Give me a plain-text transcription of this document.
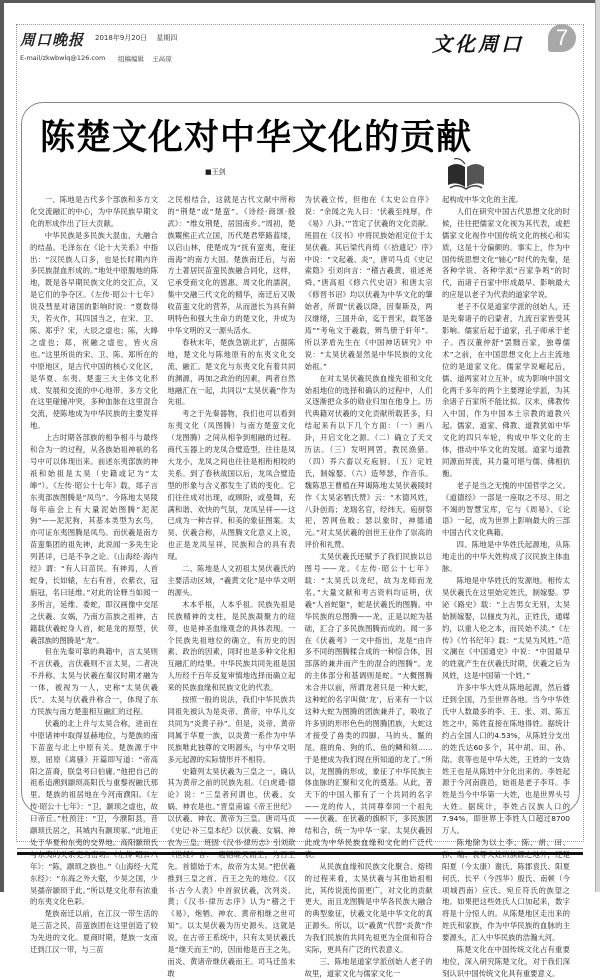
周口晚报 2018年9月20日 星期四
E-mail/zkwbwlq@126.com 组稿编辑 王高琼
文化周口	7
陈楚文化对中华文化的贡献
■王剑

一、陈地是古代多个部族和多方文化交流融汇的中心，为中华民族早期文化的形成作出了巨大贡献。

中华民族是多民族大混血、大融合的结晶。毛泽东在《论十大关系》中指出：“汉民族人口多，也是长时期内许多民族混血形成的。”地处中原腹地的陈地，既是各早期民族文化的交汇点，又是它们的争夺区。《左传·昭公十七年》说及彗星对诸国的影响时说：“夏数得天，若火作，其四国当之，在宋、卫、陈、郑乎？宋，大辰之虚也；陈，大皞之虚也；郑，祝融之虚也，皆火房也。”这里所说的宋、卫、陈、郑所在的中原地区，是古代中国的核心文化区，是华夏、东夷、楚蛮三大主体文化形成、发展和交流的中心地带。多方文化在这里碰撞冲突，多种血脉在这里混合交流，使陈地成为中华民族的主要发祥地。

上古时期各部族的相争相斗与最终和合为一的过程，从各族始祖神祇的名号中可以体现出来。前述东夷部族的神祇和始祖是太昊（史籍或记为“太皞”）。《左传·昭公十七年》载，郯子言东夷部族图腾是“凤鸟”。今陈地太昊陵每年庙会上有大量泥始图腾“泥泥狗”——泥泥狗，其基本类型为玄鸟，亦可证东夷图腾是凤鸟。而伏羲是南方苗蛮集团的祖先神，此说闻一多先生论列甚详，已是不争之论。《山海经·海内经》谓：“有人曰苗民。有神焉，人首蛇身，长如辕，左右有首，衣紫衣，冠旃冠，名曰延维。”对此的诠释当如闻一多所言，延维、委蛇，即汉画像中交尾之伏羲、女娲，乃南方苗族之祖神，古籍载伏羲蛇身人首，蛇是龙的原型，伏羲部族的图腾是“龙”。

但在先秦可靠的典籍中，言太昊则不言伏羲，言伏羲则不言太昊，二者决不并称。太昊与伏羲在秦汉时期才融为一体，被视为一人，史称“太昊伏羲氏”。太昊与伏羲并称合一，体现了东方民族与南方楚蛮相互融汇的过程。

伏羲的北上并与太昊合称，进而在中原诸神中取得显赫地位，与楚族的南下苗蛮与北上中原有关。楚族源于中原，屈原《离骚》开篇即写道：“帝高阳之苗裔，朕皇考曰伯庸。”他把自己的祖系追溯到颛顼高阳氏与重黎祝融氏那里。楚族的祖居地在今河南濮阳。《左传·昭公十七年》：“卫，颛顼之虚也，故曰帝丘。”杜预注：“卫，今濮阳县，昔颛顼氏居之，其城内有颛顼冢。”此地正处于华夏和东夷的交界地。高阳颛顼氏 年》：“陈，颛顼之族也。”《山海经·大荒东经》：“东海之外大壑，少昊之国，少昊孺帝颛顼于此。”所以楚文化带有浓重的东夷文化色彩。

楚族南迁以前，在江汉一带生活的是三苗之民，苗蛮族团在这里创造了较为先进的文化。夏商时期，楚族一支南迁到江汉一带，与三苗

之民相结合，这就是古代文献中所称的“荆楚”或“楚蛮”。《诗经·商颂·殷武》：“维女荆楚，居国南乡。”周初，楚族鬻熊正式立国，历代楚君筚路蓝缕，以启山林，使楚成为“抚有蛮夷，奄征南海”的南方大国。楚族南迁后，与南方土著居民苗蛮民族融合同化，这样，它承受商文化的恩惠、周文化的濡润，集中交融三代文化的精华，南迁后又吸收苗蛮文化的营养，从而滋长为具有鲜明特色和强大生命力的楚文化，并成为中华文明的又一源头活水。

春秋末年，楚族急剧北扩，占据陈地，楚文化与陈地原有的东夷文化交流、融汇。楚文化与东夷文化有着共同的渊源，再加之政治的因素，两者自然地融汇在一起，共同以“太昊伏羲”作为先祖。

考之于先秦器物，我们也可以看到东夷文化（凤图腾）与南方楚蛮文化（龙图腾）之间从相争到相融的过程。商代玉器上的龙凤合璧造型，往往是凤大龙小，龙凤之间也往往是相衔相咬的关系。到了春秋战国以后，龙凤合璧造型的形象与含义都发生了质的变化。它们往往成对出现，或顾盼，或曼舞，充满和谐、欢快的气氛，龙凤呈祥——这已成为一种吉祥、和美的象征图案。太昊、伏羲合称，从图腾文化意义上说，也正是龙凤呈祥，民族和合的具有表现。

二、陈地是人文初祖太昊伏羲氏的主要活动区域，“羲黄文化”是中华文明的源头。

木本乎根，人本乎祖。民族先祖是民族精神的支柱，是民族凝聚力的纽带，也是神圣血缘观念的具体表现。一个民族先祖地位的确立，有历史的因素、政治的因素，同时也是多种文化相互融汇的结果。中华民族共同先祖是国人历经千百年反复审慎地选择而确立起来的民族血缘和民族文化的代表。

按照一般的说法，我们中华民族共同祖先被认为是炎帝、黄帝，中华儿女共同为“炎黄子孙”。但是，炎帝、黄帝同属于华夏一族，以炎黄一系作为中华民族唯此独尊的文明源头，与中华文明多元起源的实际情形并不相符。

史籍列太昊伏羲为三皇之一，确认其为黄帝之前的民族先祖。《白虎通·德论》说：“三皇者何谓也，伏羲、女娲、神农是也。”晋皇甫谧《帝王世纪》以伏羲、神农、黄帝为三皇。唐司马贞《史记·补三皇本纪》以伏羲、女娲、神农为三皇。班固《汉书·律历志》引刘歆 先。首德始于木，故帝为太昊。”把伏羲推到三皇之首、百王之先的地位。《汉书·古今人表》中首叙伏羲，次列炎、黄；《汉书·律历志序》认为“稽之于《易》，炮牺、神农、黄帝相继之世可知”。以太昊伏羲为历史源头。这就是说，在古帝王系统中，只有太昊伏羲氏是“继天而王”的，因而他是百王之先，而炎、黄诸帝继伏羲而王。司马迁虽未敢

为伏羲立传，但他在《太史公自序》说：“余闻之先人曰：‘伏羲至纯厚，作《易》八卦。’”肯定了伏羲的文化贡献。班固在《汉书》中将民族始祖定位于太昊伏羲。其后梁代肖绮《〈拾遗记〉序》中说：“文起羲、炎”，唐司马贞《史记索隐》引刘向言：“稽古羲黄，祖述尧舜。”唐高祖《修六代史诏》和唐太宗《修晋书诏》均以伏羲为中华文化的肇始者，所谓“伏羲以降，因秦斯及，两汉继绪，三国并命，迄于晋宋，载笔备焉”“考龟文于羲载，辨鸟册于轩年”。所以茅盾先生在《中国神话研究》中说：“太昊伏羲显然是中华民族的文化始祖。”

在对太昊伏羲民族血缘先祖和文化始祖地位的选择和确认的过程中，人们又逐渐把众多的勋业归加在他身上。历代典籍对伏羲的文化贡献所载甚多，归结起来有以下几个方面：（一）画八卦，开启文化之源。（二）确立了天文历法。（三）发明网罟，教民渔猎。（四）养六畜以充庖厨。（五）定姓氏，制嫁娶。（六）造琴瑟，作音乐。魏陈思王曹植在拜谒陈地太昊伏羲陵时作《太昊宓牺氏赞》云：“木德风姓，八卦创焉；龙瑞名官，经纬天。庖厨祭祀，罟网鱼畋；瑟以象时，神德通元。”对太昊伏羲的创世王业作了崇高的评价和礼赞。

太昊伏羲氏还赋予了我们民族以总图号——龙。《左传·昭公十七年》载：“太昊氏以龙纪，故为龙师而龙名。”大量文献和考古资料均证明，伏羲“人首蛇躯”，蛇是伏羲氏的图腾。中华民族的总图腾——龙，正是以蛇为基础，汇合了多民族图腾而成的。闻一多在《伏羲考》一文中指出，龙是“由许多不同的图腾糅合成的一种综合体，因部落的兼并而产生的混合的图腾”。龙的主体部分和基调则是蛇。“大概图腾未合并以前，所谓龙者只是一种大蛇，这种蛇的名字叫做‘龙’，后来有一个以这种大蛇为图腾的团族兼并了，吸收了许多别的形形色色的图腾团族，大蛇这才接受了兽类的四脚、马的头、鬣的尾、鹿的角、狗的爪、鱼的鳞和须……于是便成为我们现在所知道的龙了。”所以，龙图腾的形成，象征了中华民族主体血脉的汇聚和文化的奠基。从此，普天下的中国人都有了一个共同的名字——龙的传人，共同尊奉同一个祖先——伏羲。在伏羲的旗帜下，多民族团结和合，统一为中华一家。太昊伏羲因此成为中华民族血缘和文化的广泛代

从民族血缘和民族文化聚合、熔铸的过程来看，太昊伏羲与其他始祖相比，其传说流传面更广，对文化的贡献更大，而且龙图腾是中华各民族大融合的典型象征，伏羲文化是中华文化的真正源头。所以，以“羲黄”代替“炎黄”作为我们民族的共同先祖更为全面和符合实际，更具有广泛的代表意义。

三、陈地是道家学派创始人老子的故里，道家文化与儒家文化一

起构成中华文化的主流。

人们在研究中国古代思想文化的时候，往往把儒家文化视为其代表，或把儒家文化视作中国传统文化的核心和实质，这是十分偏颇的。事实上，作为中国传统思想文化“轴心”时代的先秦，是各种学说、各种学派“百家争鸣”的时代，而诸子百家中形成最早、影响最大的应是以老子为代表的道家学说。

老子不仅是道家学派的创始人，还是先秦诸子的启蒙者，九流百家皆受其影响。儒家后起于道家，孔子师承于老子。西汉董仲舒“罢黜百家，独尊儒术”之前，在中国思想文化上占主流地位的是道家文化。儒家学说崛起后，儒、道两家对立互补，成为影响中国文化两千多年的两个主要理论学派，为其余诸子百家所不能比拟。汉末，佛教传入中国，作为中国本土宗教的道教兴起。儒家、道家、佛教、道教犹如中华文化的四只车轮，构成中华文化的主体，推动中华文化的发展。道家与道教同源而异流，其力量可堪与儒、佛相抗衡。

老子是当之无愧的中国哲学之父。《道德经》一部是一座取之不尽、用之不竭的智慧宝库，它与《周易》、《论语》一起，成为世界上影响最大的三部中国古代文化典籍。

四、陈地是中华姓氏起源地，从陈地走出的中华大姓构成了汉民族主体血脉。

陈地是中华姓氏的发源地。相传太昊伏羲氏在这里始定姓氏，制嫁娶。罗泌《路史》载：“上古男女无别，太昊始制嫁娶，以俪皮为礼，正姓氏，通媒妁，以重人伦之本，而民始不渎。”《左传》《竹书纪年》载：“太昊为风姓。”范文澜在《中国通史》中说：“中国最早的姓就产生在伏羲氏时期，伏羲之后为风姓，这是中国第一个姓。”

许多中华大姓从陈地起源，然后播迁到全国，乃至世界各地。当今中华姓氏中人数最多的李、王、张、刘、陈五姓之中，陈姓直接在陈地得姓。据统计约占全国人口的4.53%，从陈姓分支出的姓氏达60多个，其中胡、田、孙、陆、袁等也是中华大姓，王姓的一支妫姓王也是从陈姓中分化出来的。李姓起源于今河南鹿邑，始祖是老子李耳。李姓是当今中华第一大姓，也是世界头号大姓。据统计，李姓占汉族人口的7.94%，即世界上李姓人口超过8700万人。

陈地除为以上李、陈、胡、田、 阳夏（今太康）谢氏、陈郡袁氏、阳夏何氏、长平（今西华）殷氏、南顿（今项城西南）应氏、宛丘符氏的族望之地。如果把这些姓氏人口加起来，数字将是十分惊人的。从陈楚地区走出来的姓氏和家族，作为中华民族的血脉的主要源头，汇入中华民族的浩瀚大河。

陈楚文化在中国传统文化占有重要地位，深入研究陈楚文化，对于我们深刻认识中国传统文化具有重要意义。
